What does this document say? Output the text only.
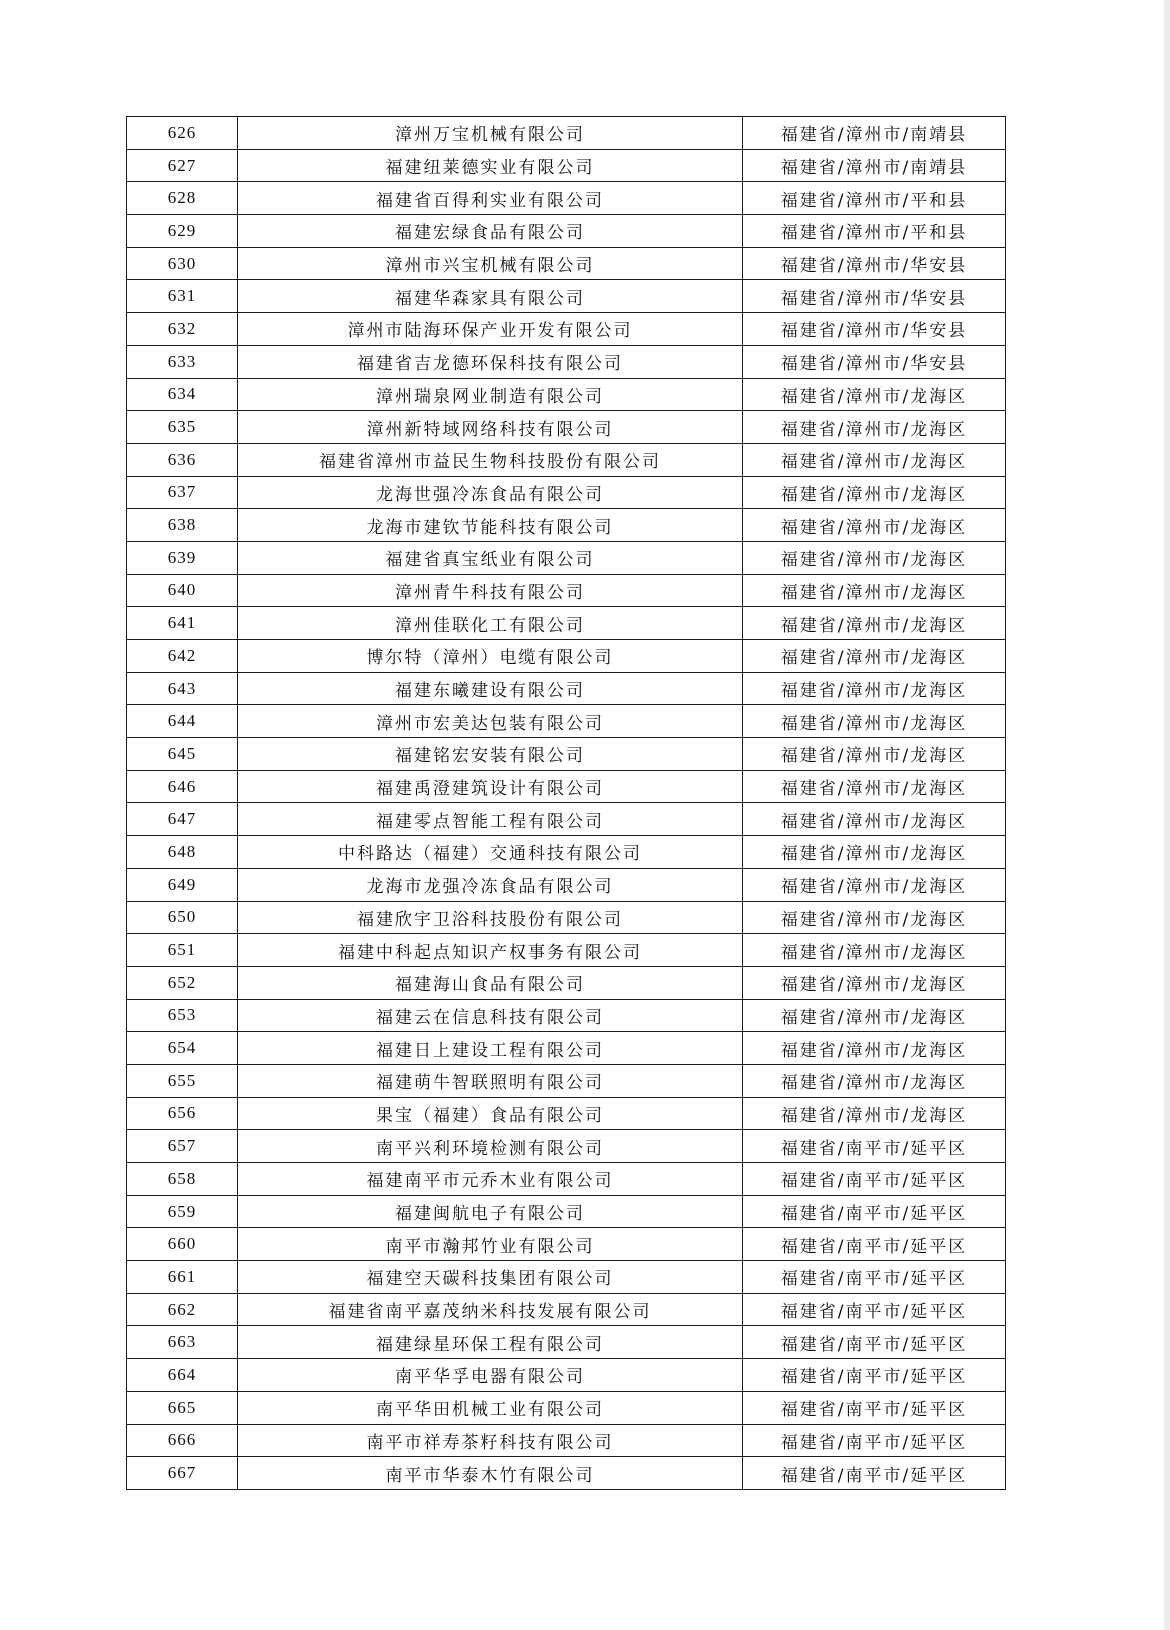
626	漳州万宝机械有限公司	福建省/漳州市/南靖县
627	福建纽莱德实业有限公司	福建省/漳州市/南靖县
628	福建省百得利实业有限公司	福建省/漳州市/平和县
629	福建宏绿食品有限公司	福建省/漳州市/平和县
630	漳州市兴宝机械有限公司	福建省/漳州市/华安县
631	福建华森家具有限公司	福建省/漳州市/华安县
632	漳州市陆海环保产业开发有限公司	福建省/漳州市/华安县
633	福建省吉龙德环保科技有限公司	福建省/漳州市/华安县
634	漳州瑞泉网业制造有限公司	福建省/漳州市/龙海区
635	漳州新特域网络科技有限公司	福建省/漳州市/龙海区
636	福建省漳州市益民生物科技股份有限公司	福建省/漳州市/龙海区
637	龙海世强冷冻食品有限公司	福建省/漳州市/龙海区
638	龙海市建钦节能科技有限公司	福建省/漳州市/龙海区
639	福建省真宝纸业有限公司	福建省/漳州市/龙海区
640	漳州青牛科技有限公司	福建省/漳州市/龙海区
641	漳州佳联化工有限公司	福建省/漳州市/龙海区
642	博尔特（漳州）电缆有限公司	福建省/漳州市/龙海区
643	福建东曦建设有限公司	福建省/漳州市/龙海区
644	漳州市宏美达包装有限公司	福建省/漳州市/龙海区
645	福建铭宏安装有限公司	福建省/漳州市/龙海区
646	福建禹澄建筑设计有限公司	福建省/漳州市/龙海区
647	福建零点智能工程有限公司	福建省/漳州市/龙海区
648	中科路达（福建）交通科技有限公司	福建省/漳州市/龙海区
649	龙海市龙强冷冻食品有限公司	福建省/漳州市/龙海区
650	福建欣宇卫浴科技股份有限公司	福建省/漳州市/龙海区
651	福建中科起点知识产权事务有限公司	福建省/漳州市/龙海区
652	福建海山食品有限公司	福建省/漳州市/龙海区
653	福建云在信息科技有限公司	福建省/漳州市/龙海区
654	福建日上建设工程有限公司	福建省/漳州市/龙海区
655	福建萌牛智联照明有限公司	福建省/漳州市/龙海区
656	果宝（福建）食品有限公司	福建省/漳州市/龙海区
657	南平兴利环境检测有限公司	福建省/南平市/延平区
658	福建南平市元乔木业有限公司	福建省/南平市/延平区
659	福建闽航电子有限公司	福建省/南平市/延平区
660	南平市瀚邦竹业有限公司	福建省/南平市/延平区
661	福建空天碳科技集团有限公司	福建省/南平市/延平区
662	福建省南平嘉茂纳米科技发展有限公司	福建省/南平市/延平区
663	福建绿星环保工程有限公司	福建省/南平市/延平区
664	南平华孚电器有限公司	福建省/南平市/延平区
665	南平华田机械工业有限公司	福建省/南平市/延平区
666	南平市祥寿茶籽科技有限公司	福建省/南平市/延平区
667	南平市华泰木竹有限公司	福建省/南平市/延平区
